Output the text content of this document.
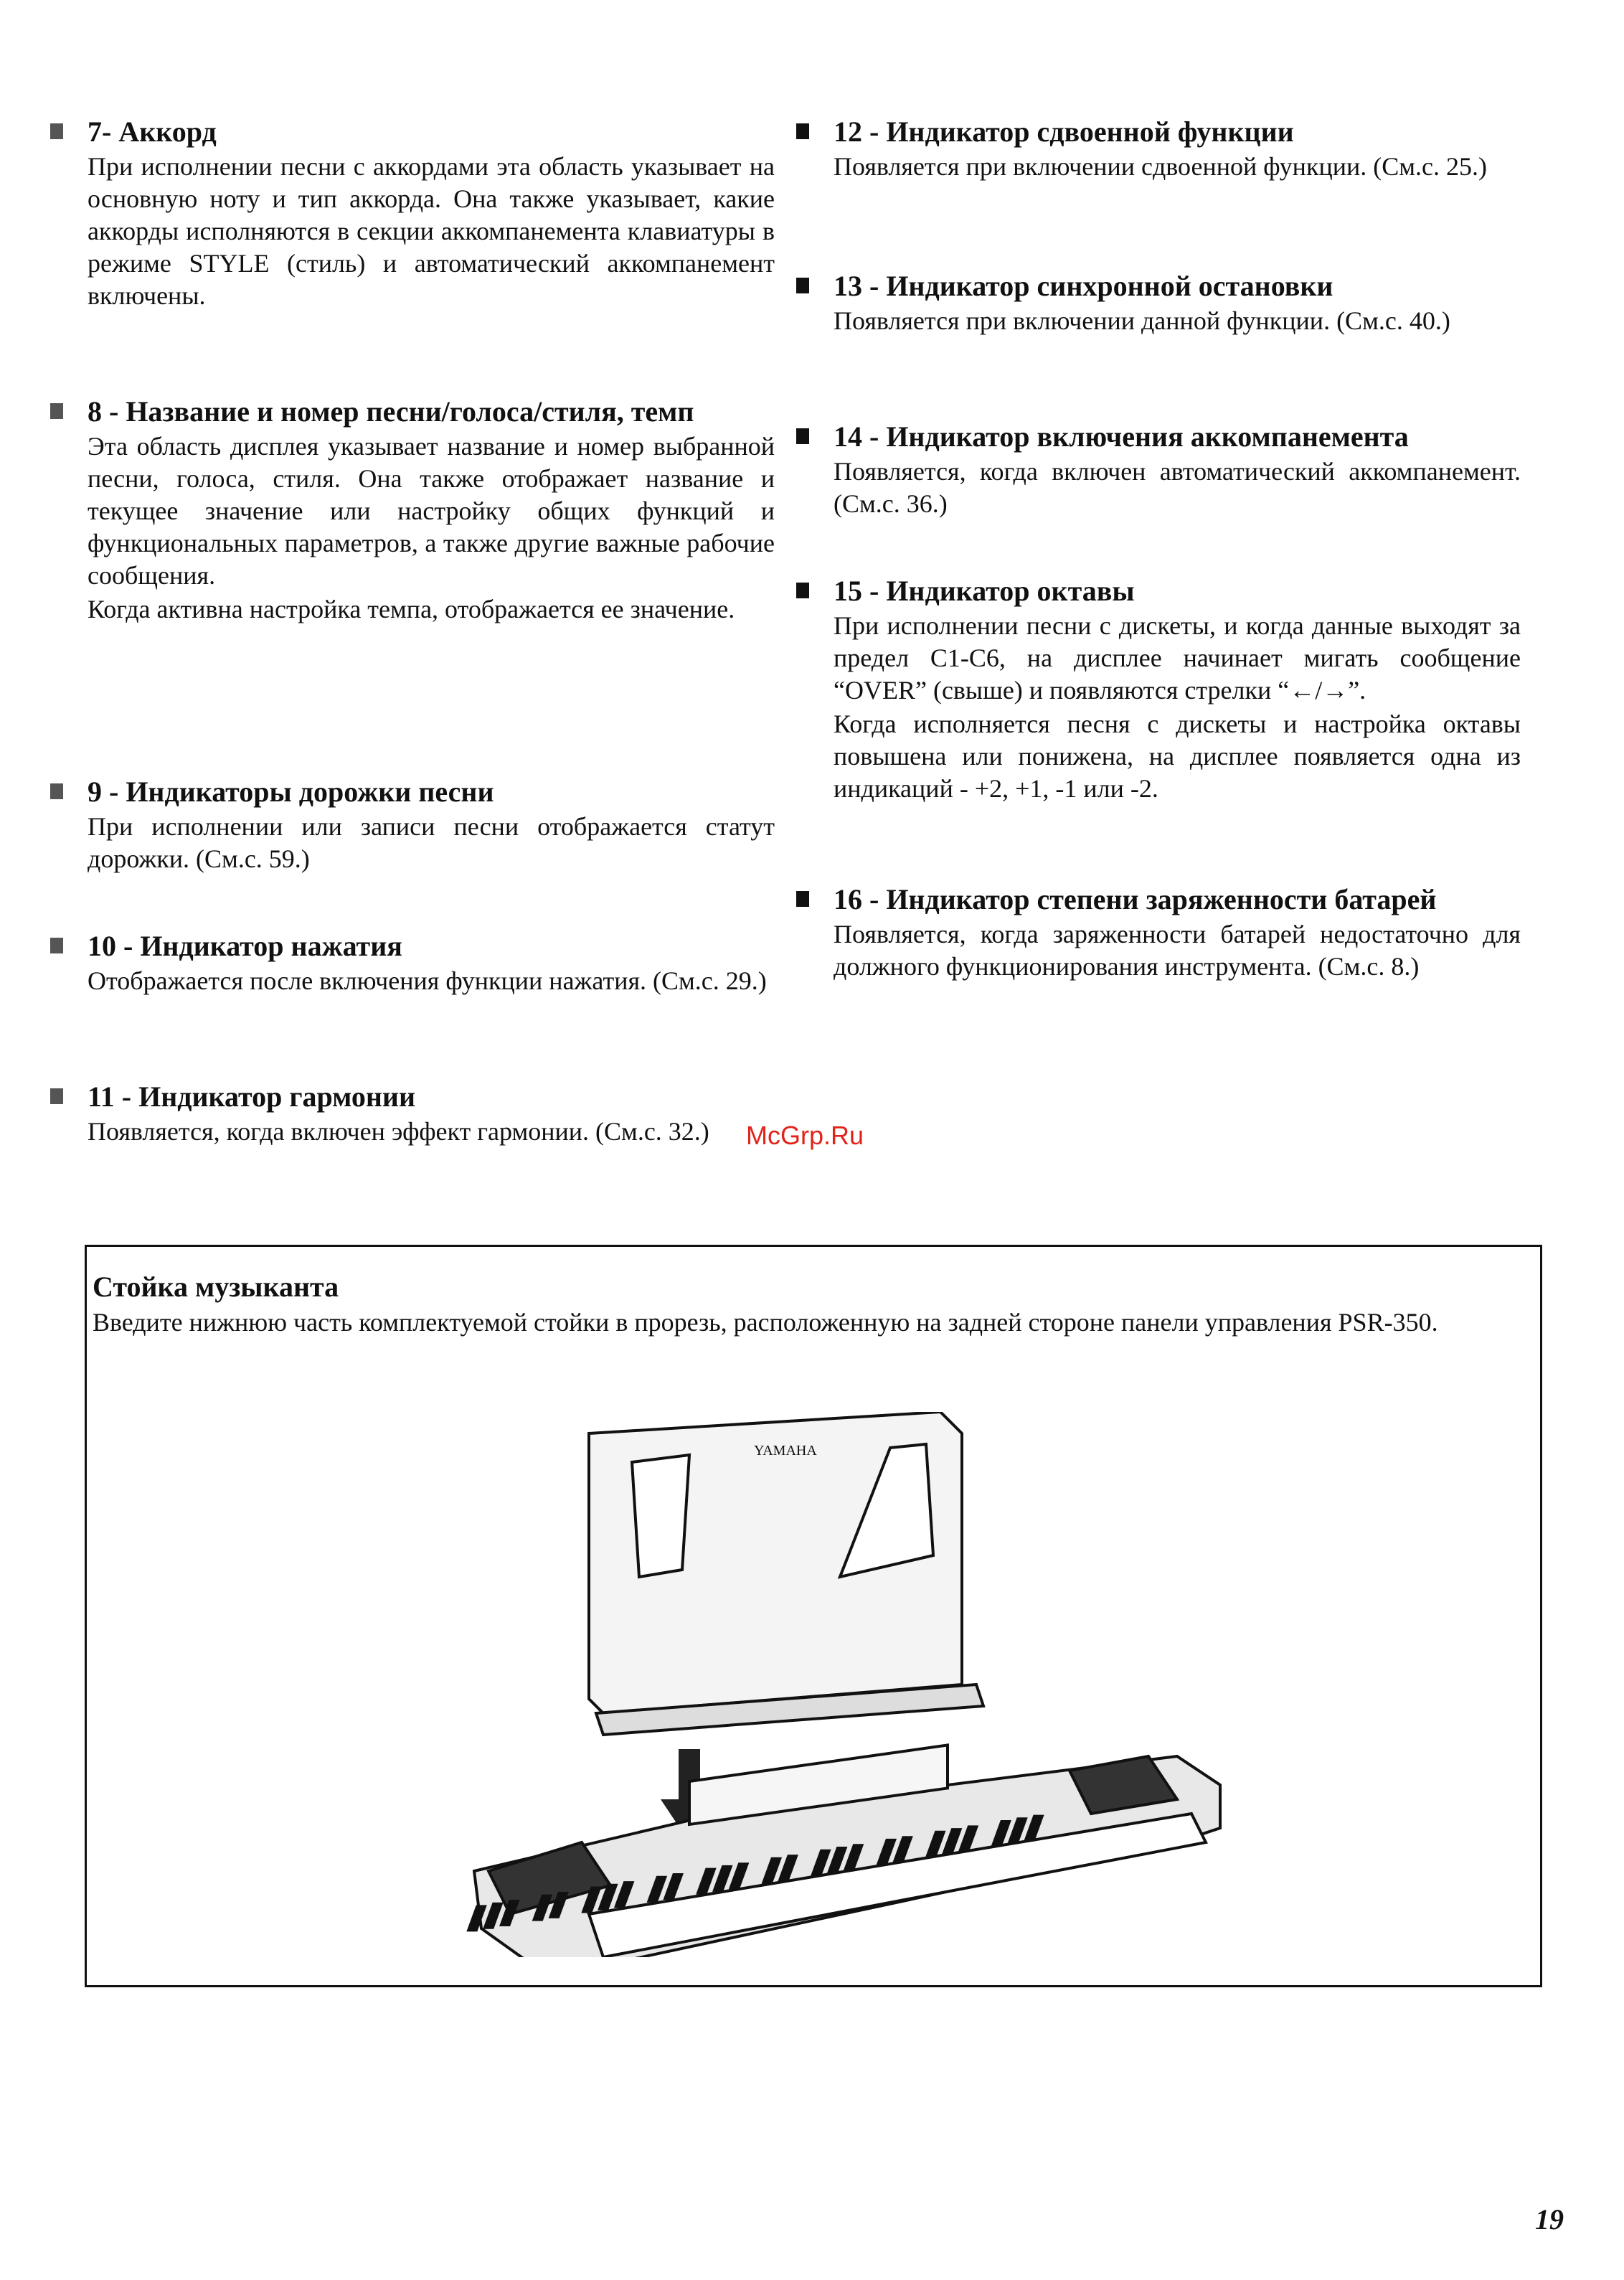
7- Аккорд
При исполнении песни с аккордами эта область указывает на основную ноту и тип аккорда. Она также указывает, какие аккорды исполняются в секции аккомпанемента клавиатуры в режиме STYLE (стиль) и автоматический аккомпанемент включены.
8 - Название и номер песни/голоса/стиля, темп
Эта область дисплея указывает название и номер выбранной песни, голоса, стиля. Она также отображает название и текущее значение или настройку общих функций и функциональных параметров, а также другие важные рабочие сообщения.
Когда активна настройка темпа, отображается ее значение.
9 - Индикаторы дорожки песни
При исполнении или записи песни отображается статут дорожки. (См.с. 59.)
10 - Индикатор нажатия
Отображается после включения функции нажатия. (См.с. 29.)
11 - Индикатор гармонии
Появляется, когда включен эффект гармонии. (См.с. 32.)
12 - Индикатор сдвоенной функции
Появляется при включении сдвоенной функции. (См.с. 25.)
13 - Индикатор синхронной остановки
Появляется при включении данной функции. (См.с. 40.)
14 - Индикатор включения аккомпанемента
Появляется, когда включен автоматический аккомпанемент. (См.с. 36.)
15 - Индикатор октавы
При исполнении песни с дискеты, и когда данные выходят за предел C1-C6, на дисплее начинает мигать сообщение “OVER” (свыше) и появляются стрелки “←/→”.
Когда исполняется песня с дискеты и настройка октавы повышена или понижена, на дисплее появляется одна из индикаций - +2, +1, -1 или -2.
16 - Индикатор степени заряженности батарей
Появляется, когда заряженности батарей недостаточно для должного функционирования инструмента. (См.с. 8.)
McGrp.Ru
Стойка музыканта
Введите нижнюю часть комплектуемой стойки в прорезь, расположенную на задней стороне панели управления PSR-350.
YAMAHA
19
